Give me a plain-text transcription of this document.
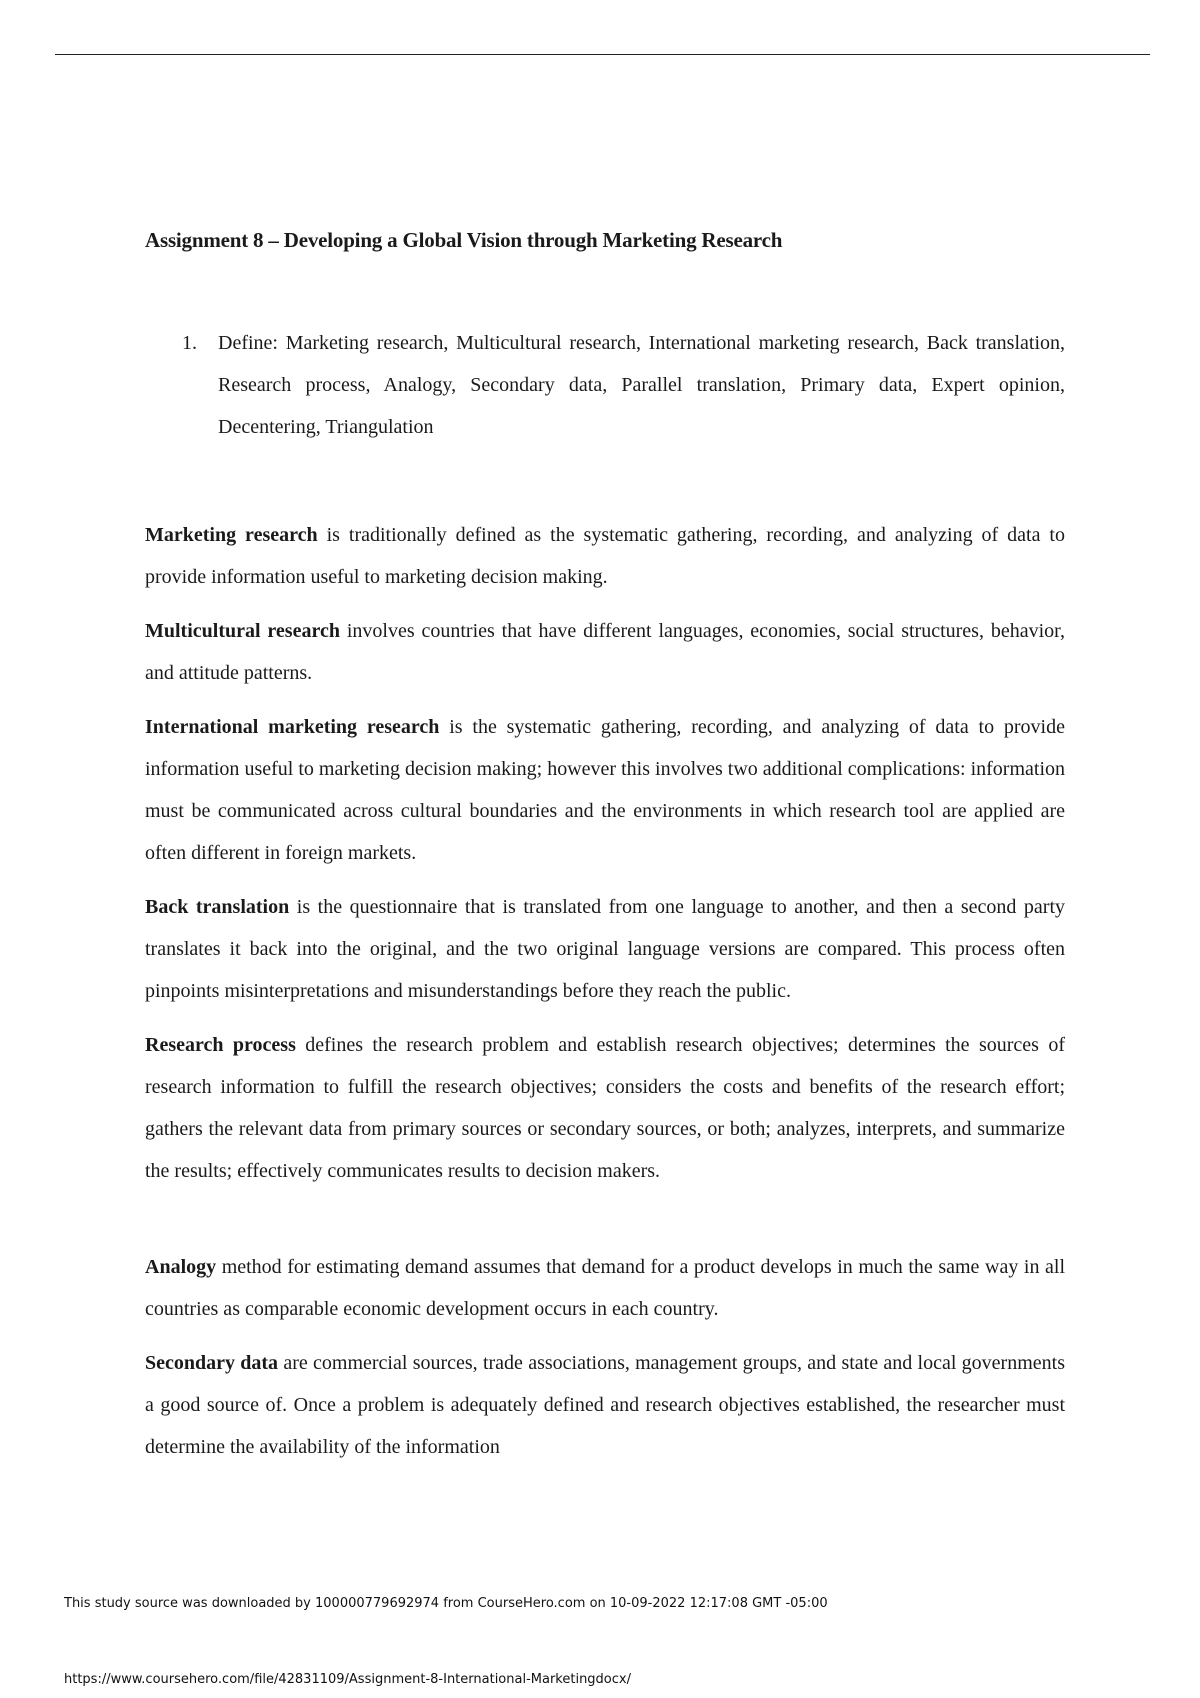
Assignment 8 – Developing a Global Vision through Marketing Research
1. Define: Marketing research, Multicultural research, International marketing research, Back translation, Research process, Analogy, Secondary data, Parallel translation, Primary data, Expert opinion, Decentering, Triangulation

Marketing research is traditionally defined as the systematic gathering, recording, and analyzing of data to provide information useful to marketing decision making.

Multicultural research involves countries that have different languages, economies, social structures, behavior, and attitude patterns.

International marketing research is the systematic gathering, recording, and analyzing of data to provide information useful to marketing decision making; however this involves two additional complications: information must be communicated across cultural boundaries and the environments in which research tool are applied are often different in foreign markets.

Back translation is the questionnaire that is translated from one language to another, and then a second party translates it back into the original, and the two original language versions are compared. This process often pinpoints misinterpretations and misunderstandings before they reach the public.

Research process defines the research problem and establish research objectives; determines the sources of research information to fulfill the research objectives; considers the costs and benefits of the research effort; gathers the relevant data from primary sources or secondary sources, or both; analyzes, interprets, and summarize the results; effectively communicates results to decision makers.

Analogy method for estimating demand assumes that demand for a product develops in much the same way in all countries as comparable economic development occurs in each country.

Secondary data are commercial sources, trade associations, management groups, and state and local governments a good source of. Once a problem is adequately defined and research objectives established, the researcher must determine the availability of the information

This study source was downloaded by 100000779692974 from CourseHero.com on 10-09-2022 12:17:08 GMT -05:00
https://www.coursehero.com/file/42831109/Assignment-8-International-Marketingdocx/
